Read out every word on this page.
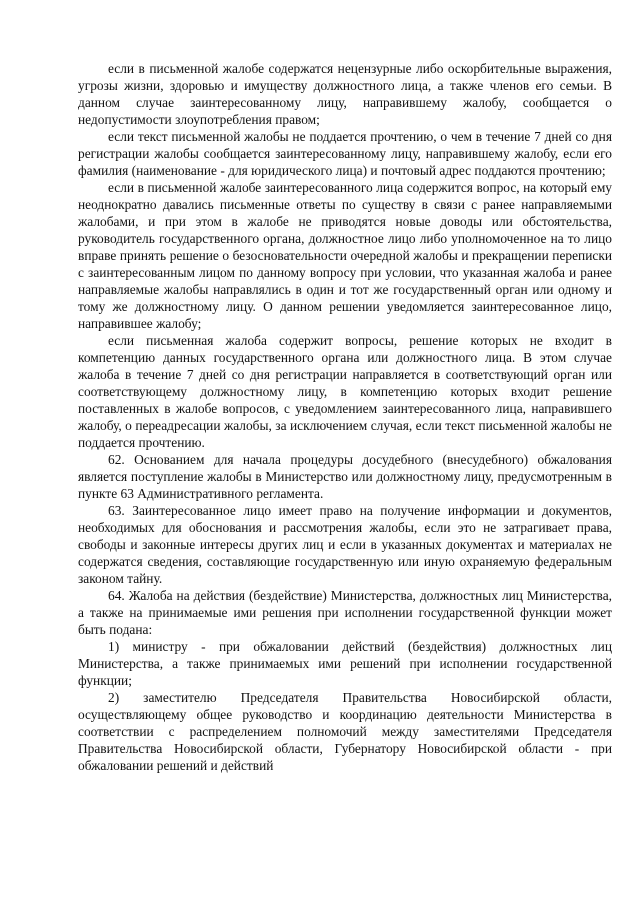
если в письменной жалобе содержатся нецензурные либо оскорбительные выражения, угрозы жизни, здоровью и имуществу должностного лица, а также членов его семьи. В данном случае заинтересованному лицу, направившему жалобу, сообщается о недопустимости злоупотребления правом;

если текст письменной жалобы не поддается прочтению, о чем в течение 7 дней со дня регистрации жалобы сообщается заинтересованному лицу, направившему жалобу, если его фамилия (наименование - для юридического лица) и почтовый адрес поддаются прочтению;

если в письменной жалобе заинтересованного лица содержится вопрос, на который ему неоднократно давались письменные ответы по существу в связи с ранее направляемыми жалобами, и при этом в жалобе не приводятся новые доводы или обстоятельства, руководитель государственного органа, должностное лицо либо уполномоченное на то лицо вправе принять решение о безосновательности очередной жалобы и прекращении переписки с заинтересованным лицом по данному вопросу при условии, что указанная жалоба и ранее направляемые жалобы направлялись в один и тот же государственный орган или одному и тому же должностному лицу. О данном решении уведомляется заинтересованное лицо, направившее жалобу;

если письменная жалоба содержит вопросы, решение которых не входит в компетенцию данных государственного органа или должностного лица. В этом случае жалоба в течение 7 дней со дня регистрации направляется в соответствующий орган или соответствующему должностному лицу, в компетенцию которых входит решение поставленных в жалобе вопросов, с уведомлением заинтересованного лица, направившего жалобу, о переадресации жалобы, за исключением случая, если текст письменной жалобы не поддается прочтению.

62. Основанием для начала процедуры досудебного (внесудебного) обжалования является поступление жалобы в Министерство или должностному лицу, предусмотренным в пункте 63 Административного регламента.

63. Заинтересованное лицо имеет право на получение информации и документов, необходимых для обоснования и рассмотрения жалобы, если это не затрагивает права, свободы и законные интересы других лиц и если в указанных документах и материалах не содержатся сведения, составляющие государственную или иную охраняемую федеральным законом тайну.

64. Жалоба на действия (бездействие) Министерства, должностных лиц Министерства, а также на принимаемые ими решения при исполнении государственной функции может быть подана:

1) министру - при обжаловании действий (бездействия) должностных лиц Министерства, а также принимаемых ими решений при исполнении государственной функции;

2) заместителю Председателя Правительства Новосибирской области, осуществляющему общее руководство и координацию деятельности Министерства в соответствии с распределением полномочий между заместителями Председателя Правительства Новосибирской области, Губернатору Новосибирской области - при обжаловании решений и действий
